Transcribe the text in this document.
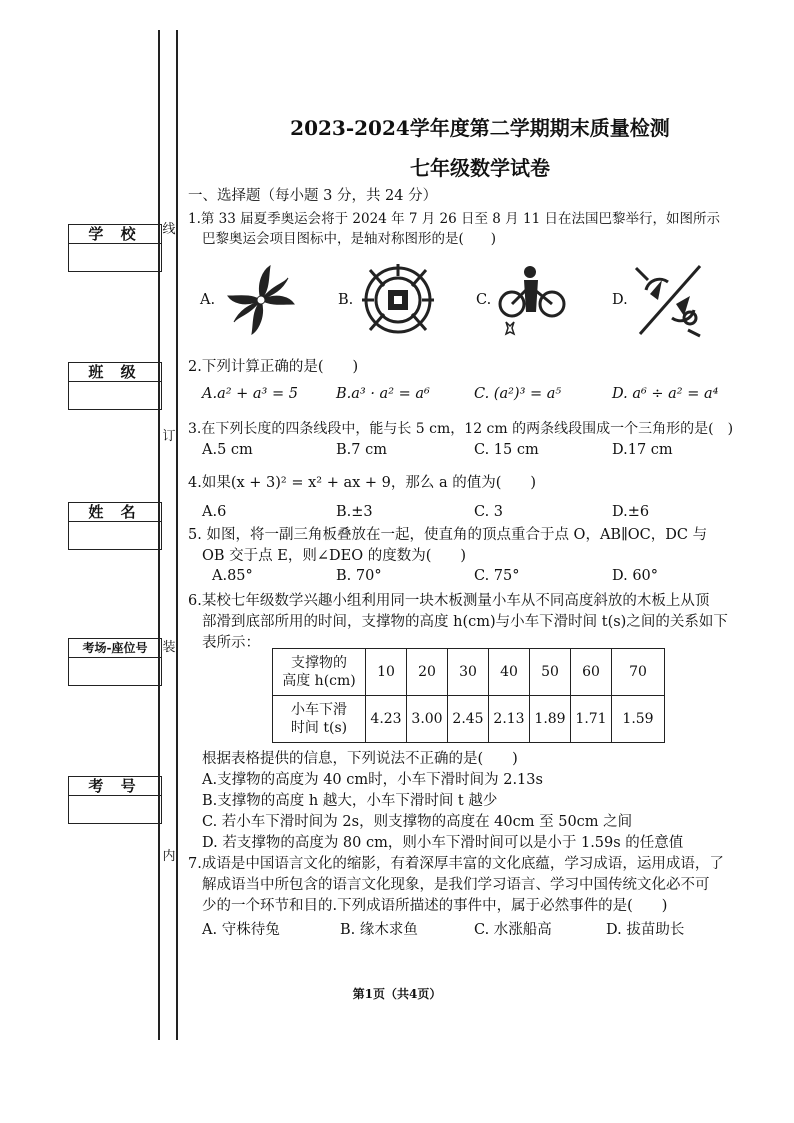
线
订
装
内
学 校
班 级
姓 名
考场-座位号
考 号
2023-2024学年度第二学期期末质量检测
七年级数学试卷
一、选择题（每小题 3 分，共 24 分）
1.第 33 届夏季奥运会将于 2024 年 7 月 26 日至 8 月 11 日在法国巴黎举行，如图所示
巴黎奥运会项目图标中，是轴对称图形的是(　　)
A.	B.	C.	D.
2.下列计算正确的是(　　)
A.a² + a³ = 5	B.a³ · a² = a⁶	C. (a²)³ = a⁵	D. a⁶ ÷ a² = a⁴
3.在下列长度的四条线段中，能与长 5 cm，12 cm 的两条线段围成一个三角形的是(　)
A.5 cm	B.7 cm	C. 15 cm	D.17 cm
4.如果(x + 3)² = x² + ax + 9，那么 a 的值为(　　)
A.6	B.±3	C. 3	D.±6
5. 如图，将一副三角板叠放在一起，使直角的顶点重合于点 O，AB∥OC，DC 与
OB 交于点 E，则∠DEO 的度数为(　　)
A.85°	B. 70°	C. 75°	D. 60°
6.某校七年级数学兴趣小组利用同一块木板测量小车从不同高度斜放的木板上从顶
部滑到底部所用的时间，支撑物的高度 h(cm)与小车下滑时间 t(s)之间的关系如下
表所示：
支撑物的
高度 h(cm)	10	20	30	40	50	60	70

小车下滑
时间 t(s)	4.23	3.00	2.45	2.13	1.89	1.71	1.59
根据表格提供的信息，下列说法不正确的是(　　)
A.支撑物的高度为 40 cm时，小车下滑时间为 2.13s
B.支撑物的高度 h 越大，小车下滑时间 t 越少
C. 若小车下滑时间为 2s，则支撑物的高度在 40cm 至 50cm 之间
D. 若支撑物的高度为 80 cm，则小车下滑时间可以是小于 1.59s 的任意值
7.成语是中国语言文化的缩影，有着深厚丰富的文化底蕴，学习成语，运用成语，了
解成语当中所包含的语言文化现象，是我们学习语言、学习中国传统文化必不可
少的一个环节和目的.下列成语所描述的事件中，属于必然事件的是(　　)
A. 守株待兔	B. 缘木求鱼	C. 水涨船高	D. 拔苗助长
第1页（共4页）
